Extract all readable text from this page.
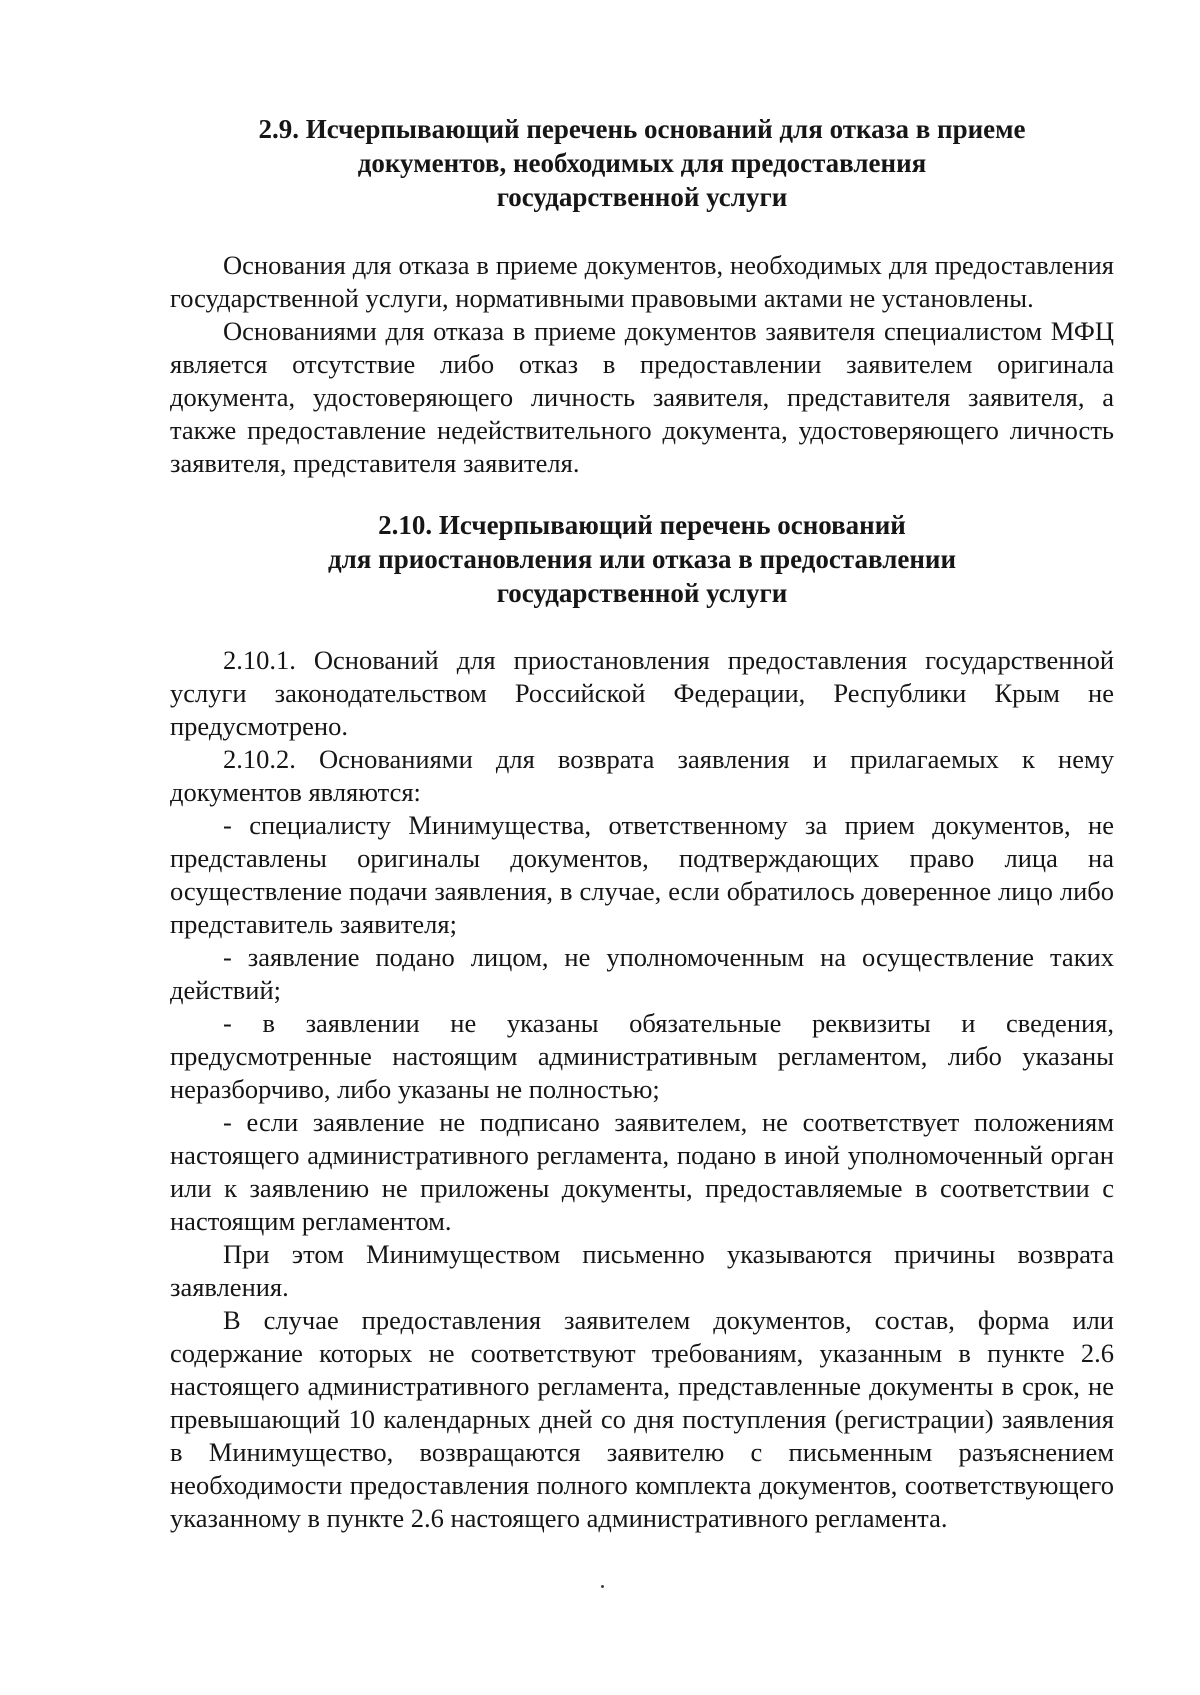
2.9. Исчерпывающий перечень оснований для отказа в приеме
документов, необходимых для предоставления
государственной услуги

Основания для отказа в приеме документов, необходимых для предоставления государственной услуги, нормативными правовыми актами не установлены.

Основаниями для отказа в приеме документов заявителя специалистом МФЦ является отсутствие либо отказ в предоставлении заявителем оригинала документа, удостоверяющего личность заявителя, представителя заявителя, а также предоставление недействительного документа, удостоверяющего личность заявителя, представителя заявителя.

2.10. Исчерпывающий перечень оснований
для приостановления или отказа в предоставлении
государственной услуги

2.10.1. Оснований для приостановления предоставления государственной услуги законодательством Российской Федерации, Республики Крым не предусмотрено.

2.10.2. Основаниями для возврата заявления и прилагаемых к нему документов являются:

- специалисту Минимущества, ответственному за прием документов, не представлены оригиналы документов, подтверждающих право лица на осуществление подачи заявления, в случае, если обратилось доверенное лицо либо представитель заявителя;

- заявление подано лицом, не уполномоченным на осуществление таких действий;

- в заявлении не указаны обязательные реквизиты и сведения, предусмотренные настоящим административным регламентом, либо указаны неразборчиво, либо указаны не полностью;

- если заявление не подписано заявителем, не соответствует положениям настоящего административного регламента, подано в иной уполномоченный орган или к заявлению не приложены документы, предоставляемые в соответствии с настоящим регламентом.

При этом Минимуществом письменно указываются причины возврата заявления.

В случае предоставления заявителем документов, состав, форма или содержание которых не соответствуют требованиям, указанным в пункте 2.6 настоящего административного регламента, представленные документы в срок, не превышающий 10 календарных дней со дня поступления (регистрации) заявления в Минимущество, возвращаются заявителю с письменным разъяснением необходимости предоставления полного комплекта документов, соответствующего указанному в пункте 2.6 настоящего административного регламента.
